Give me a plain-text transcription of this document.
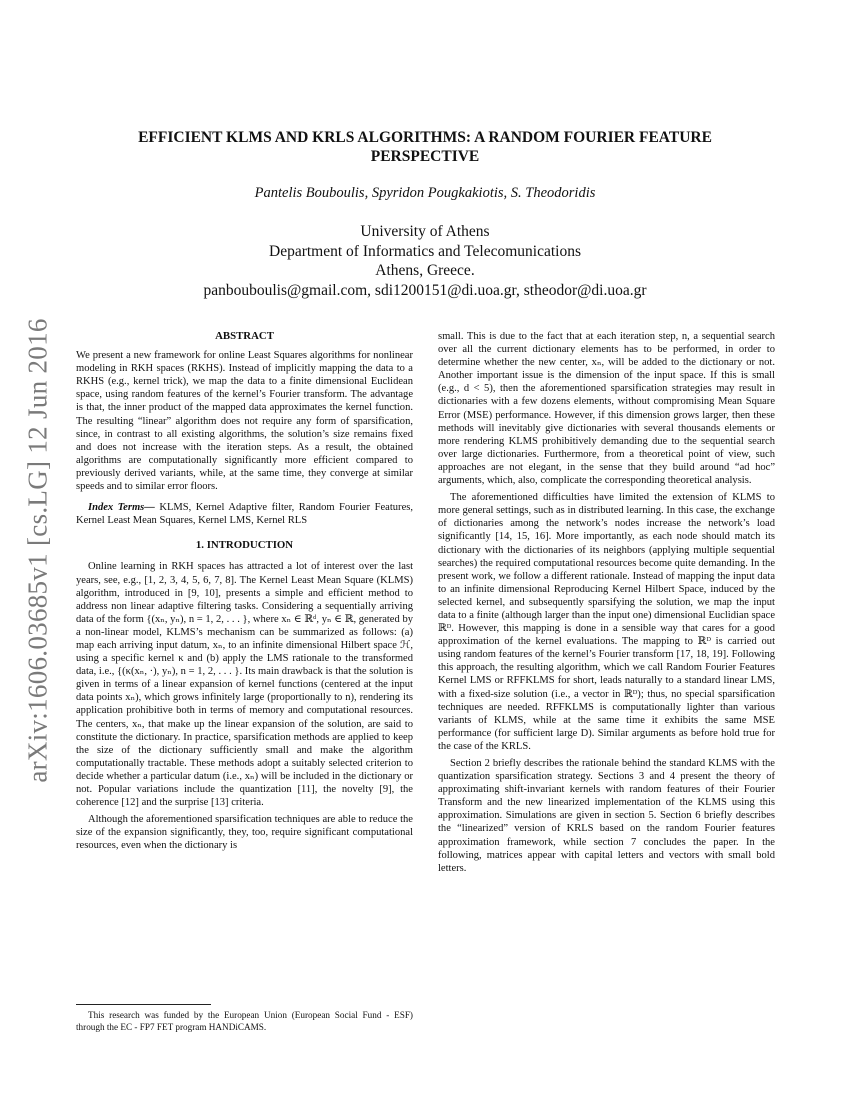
arXiv:1606.03685v1 [cs.LG] 12 Jun 2016
EFFICIENT KLMS AND KRLS ALGORITHMS: A RANDOM FOURIER FEATURE
PERSPECTIVE
Pantelis Bouboulis, Spyridon Pougkakiotis, S. Theodoridis
University of Athens
Department of Informatics and Telecomunications
Athens, Greece.
panbouboulis@gmail.com, sdi1200151@di.uoa.gr, stheodor@di.uoa.gr
ABSTRACT

We present a new framework for online Least Squares algorithms for nonlinear modeling in RKH spaces (RKHS). Instead of implicitly mapping the data to a RKHS (e.g., kernel trick), we map the data to a finite dimensional Euclidean space, using random features of the kernel’s Fourier transform. The advantage is that, the inner product of the mapped data approximates the kernel function. The resulting “linear” algorithm does not require any form of sparsification, since, in contrast to all existing algorithms, the solution’s size remains fixed and does not increase with the iteration steps. As a result, the obtained algorithms are computationally significantly more efficient compared to previously derived variants, while, at the same time, they converge at similar speeds and to similar error floors.

Index Terms— KLMS, Kernel Adaptive filter, Random Fourier Features, Kernel Least Mean Squares, Kernel LMS, Kernel RLS

1. INTRODUCTION

Online learning in RKH spaces has attracted a lot of interest over the last years, see, e.g., [1, 2, 3, 4, 5, 6, 7, 8]. The Kernel Least Mean Square (KLMS) algorithm, introduced in [9, 10], presents a simple and efficient method to address non linear adaptive filtering tasks. Considering a sequentially arriving data of the form {(xₙ, yₙ), n = 1, 2, . . . }, where xₙ ∈ ℝᵈ, yₙ ∈ ℝ, generated by a non-linear model, KLMS’s mechanism can be summarized as follows: (a) map each arriving input datum, xₙ, to an infinite dimensional Hilbert space ℋ, using a specific kernel κ and (b) apply the LMS rationale to the transformed data, i.e., {(κ(xₙ, ·), yₙ), n = 1, 2, . . . }. Its main drawback is that the solution is given in terms of a linear expansion of kernel functions (centered at the input data points xₙ), which grows infinitely large (proportionally to n), rendering its application prohibitive both in terms of memory and computational resources. The centers, xₙ, that make up the linear expansion of the solution, are said to constitute the dictionary. In practice, sparsification methods are applied to keep the size of the dictionary sufficiently small and make the algorithm computationally tractable. These methods adopt a suitably selected criterion to decide whether a particular datum (i.e., xₙ) will be included in the dictionary or not. Popular variations include the quantization [11], the novelty [9], the coherence [12] and the surprise [13] criteria.

Although the aforementioned sparsification techniques are able to reduce the size of the expansion significantly, they, too, require significant computational resources, even when the dictionary is

small. This is due to the fact that at each iteration step, n, a sequential search over all the current dictionary elements has to be performed, in order to determine whether the new center, xₙ, will be added to the dictionary or not. Another important issue is the dimension of the input space. If this is small (e.g., d < 5), then the aforementioned sparsification strategies may result in dictionaries with a few dozens elements, without compromising Mean Square Error (MSE) performance. However, if this dimension grows larger, then these methods will inevitably give dictionaries with several thousands elements or more rendering KLMS prohibitively demanding due to the sequential search over large dictionaries. Furthermore, from a theoretical point of view, such approaches are not elegant, in the sense that they build around “ad hoc” arguments, which, also, complicate the corresponding theoretical analysis.

The aforementioned difficulties have limited the extension of KLMS to more general settings, such as in distributed learning. In this case, the exchange of dictionaries among the network’s nodes increase the network’s load significantly [14, 15, 16]. More importantly, as each node should match its dictionary with the dictionaries of its neighbors (applying multiple sequential searches) the required computational resources become quite demanding. In the present work, we follow a different rationale. Instead of mapping the input data to an infinite dimensional Reproducing Kernel Hilbert Space, induced by the selected kernel, and subsequently sparsifying the solution, we map the input data to a finite (although larger than the input one) dimensional Euclidian space ℝᴰ. However, this mapping is done in a sensible way that cares for a good approximation of the kernel evaluations. The mapping to ℝᴰ is carried out using random features of the kernel’s Fourier transform [17, 18, 19]. Following this approach, the resulting algorithm, which we call Random Fourier Features Kernel LMS or RFFKLMS for short, leads naturally to a standard linear LMS, with a fixed-size solution (i.e., a vector in ℝᴰ); thus, no special sparsification techniques are needed. RFFKLMS is computationally lighter than various variants of KLMS, while at the same time it exhibits the same MSE performance (for sufficient large D). Similar arguments as before hold true for the case of the KRLS.

Section 2 briefly describes the rationale behind the standard KLMS with the quantization sparsification strategy. Sections 3 and 4 present the theory of approximating shift-invariant kernels with random features of their Fourier Transform and the new linearized implementation of the KLMS using this approximation. Simulations are given in section 5. Section 6 briefly describes the “linearized” version of KRLS based on the random Fourier features approximation framework, while section 7 concludes the paper. In the following, matrices appear with capital letters and vectors with small bold letters.

This research was funded by the European Union (European Social Fund - ESF) through the EC - FP7 FET program HANDiCAMS.
